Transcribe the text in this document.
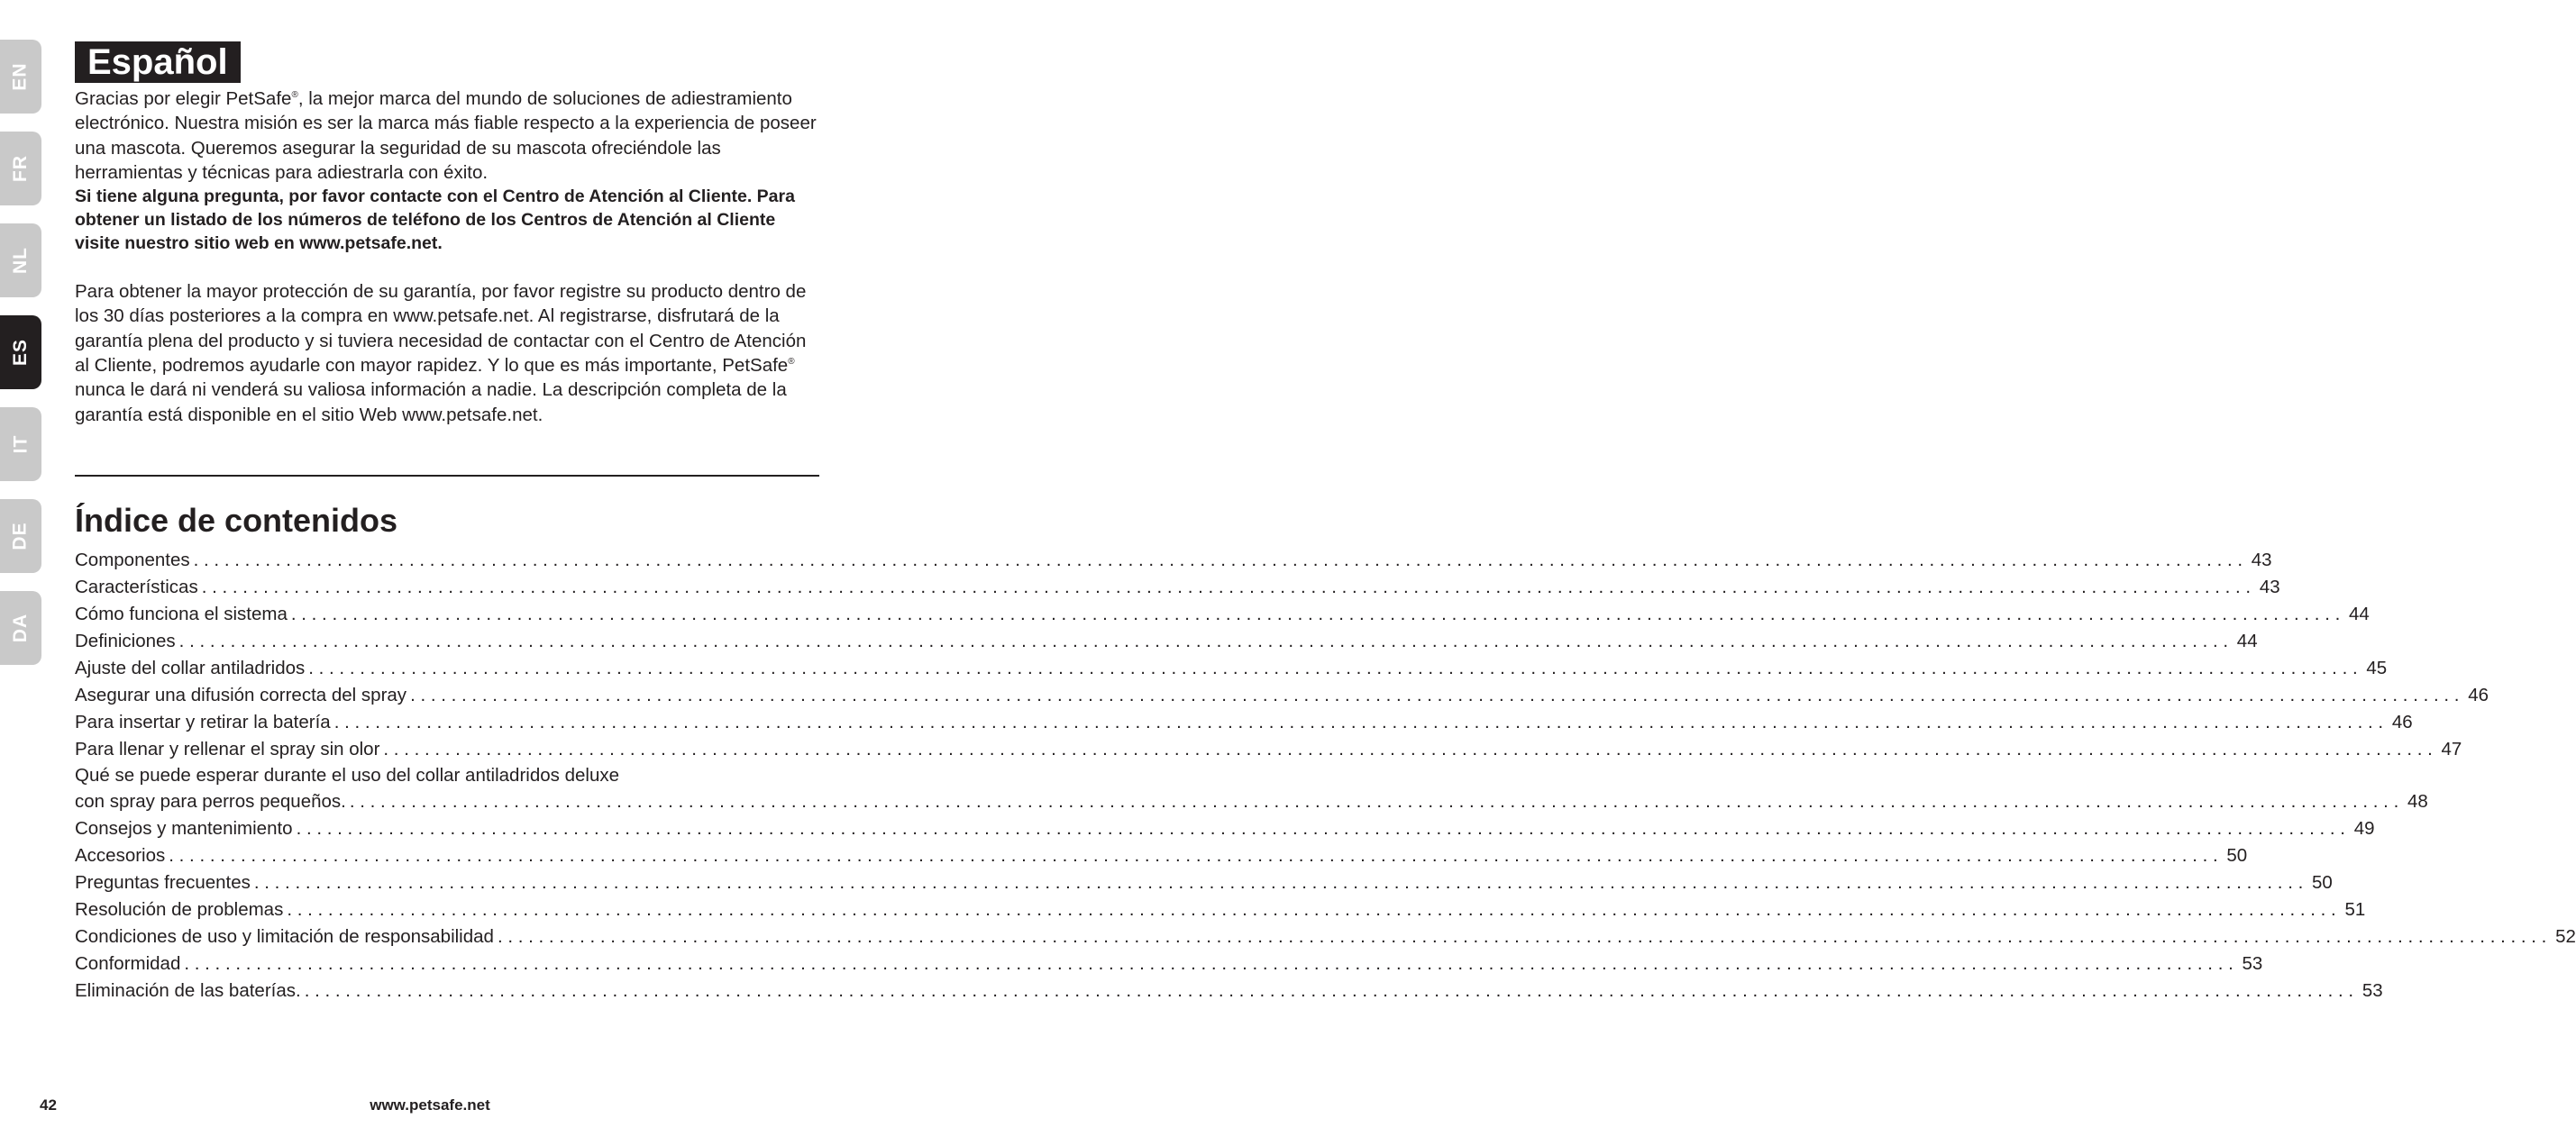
EN
FR
NL
ES
IT
DE
DA
Español

Gracias por elegir PetSafe®, la mejor marca del mundo de soluciones de adiestramiento electrónico. Nuestra misión es ser la marca más fiable respecto a la experiencia de poseer una mascota. Queremos asegurar la seguridad de su mascota ofreciéndole las herramientas y técnicas para adiestrarla con éxito.

Si tiene alguna pregunta, por favor contacte con el Centro de Atención al Cliente. Para obtener un listado de los números de teléfono de los Centros de Atención al Cliente visite nuestro sitio web en www.petsafe.net.

Para obtener la mayor protección de su garantía, por favor registre su producto dentro de los 30 días posteriores a la compra en www.petsafe.net. Al registrarse, disfrutará de la garantía plena del producto y si tuviera necesidad de contactar con el Centro de Atención al Cliente, podremos ayudarle con mayor rapidez. Y lo que es más importante, PetSafe® nunca le dará ni venderá su valiosa información a nadie. La descripción completa de la garantía está disponible en el sitio Web www.petsafe.net.

Índice de contenidos
Componentes ........................................................................................................................................................................................................ 43
Características ........................................................................................................................................................................................................ 43
Cómo funciona el sistema ........................................................................................................................................................................................................ 44
Definiciones ........................................................................................................................................................................................................ 44
Ajuste del collar antiladridos ........................................................................................................................................................................................................ 45
Asegurar una difusión correcta del spray ........................................................................................................................................................................................................ 46
Para insertar y retirar la batería ........................................................................................................................................................................................................ 46
Para llenar y rellenar el spray sin olor ........................................................................................................................................................................................................ 47
Qué se puede esperar durante el uso del collar antiladridos deluxe
con spray para perros pequeños. ........................................................................................................................................................................................................ 48
Consejos y mantenimiento ........................................................................................................................................................................................................ 49
Accesorios ........................................................................................................................................................................................................ 50
Preguntas frecuentes ........................................................................................................................................................................................................ 50
Resolución de problemas ........................................................................................................................................................................................................ 51
Condiciones de uso y limitación de responsabilidad ........................................................................................................................................................................................................ 52
Conformidad ........................................................................................................................................................................................................ 53
Eliminación de las baterías. ........................................................................................................................................................................................................ 53
42	www.petsafe.net
